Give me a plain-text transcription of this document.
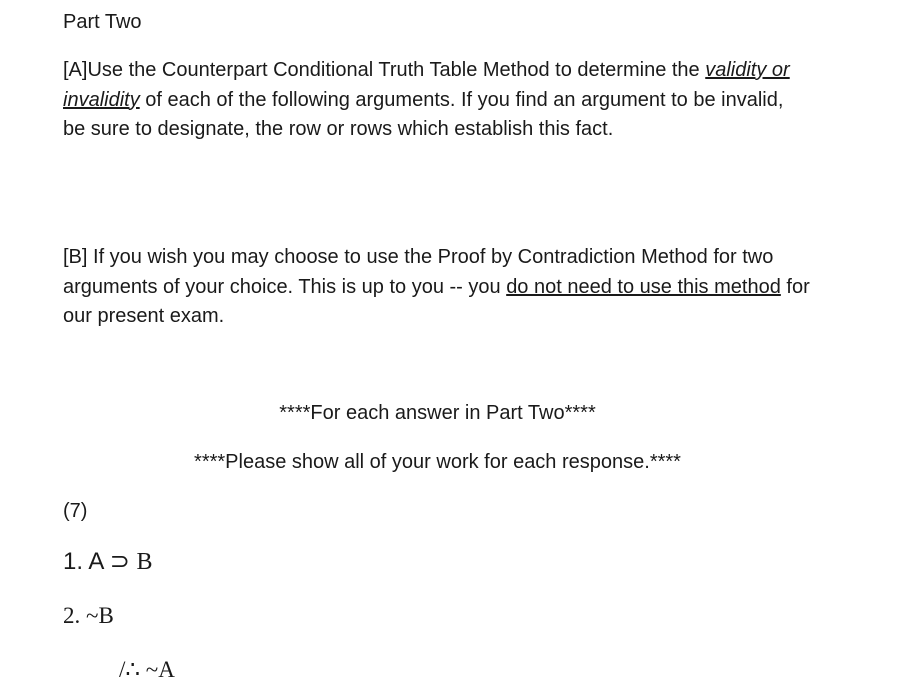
Part Two

[A]Use the Counterpart Conditional Truth Table Method to determine the validity or invalidity of each of the following arguments. If you find an argument to be invalid, be sure to designate, the row or rows which establish this fact.

[B] If you wish you may choose to use the Proof by Contradiction Method for two arguments of your choice. This is up to you -- you do not need to use this method for our present exam.

****For each answer in Part Two****

****Please show all of your work for each response.****

(7)

1. A ⊃ B

2. ~B

/∴ ~A
